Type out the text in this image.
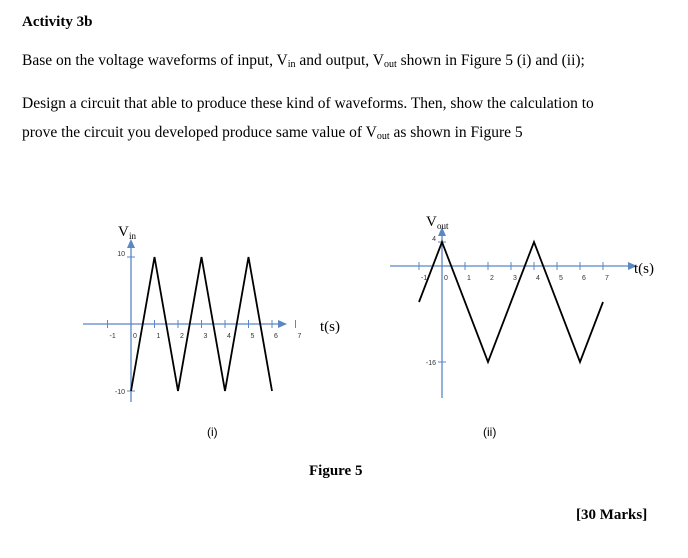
Activity 3b
Base on the voltage waveforms of input, $V_{in}$ and output, $V_{out}$ shown in Figure 5 (i) and (ii);
Design a circuit that able to produce these kind of waveforms. Then, show the calculation to
prove the circuit you developed produce same value of $V_{out}$ as shown in Figure 5
-1 0	1	2	3	4	5	6	7
10
-10
V in
t(s)
-1 0	1	2	3	4	5	6	7
4
-16
V out
t(s)
(i)	(ii)
Figure 5
[30 Marks]
